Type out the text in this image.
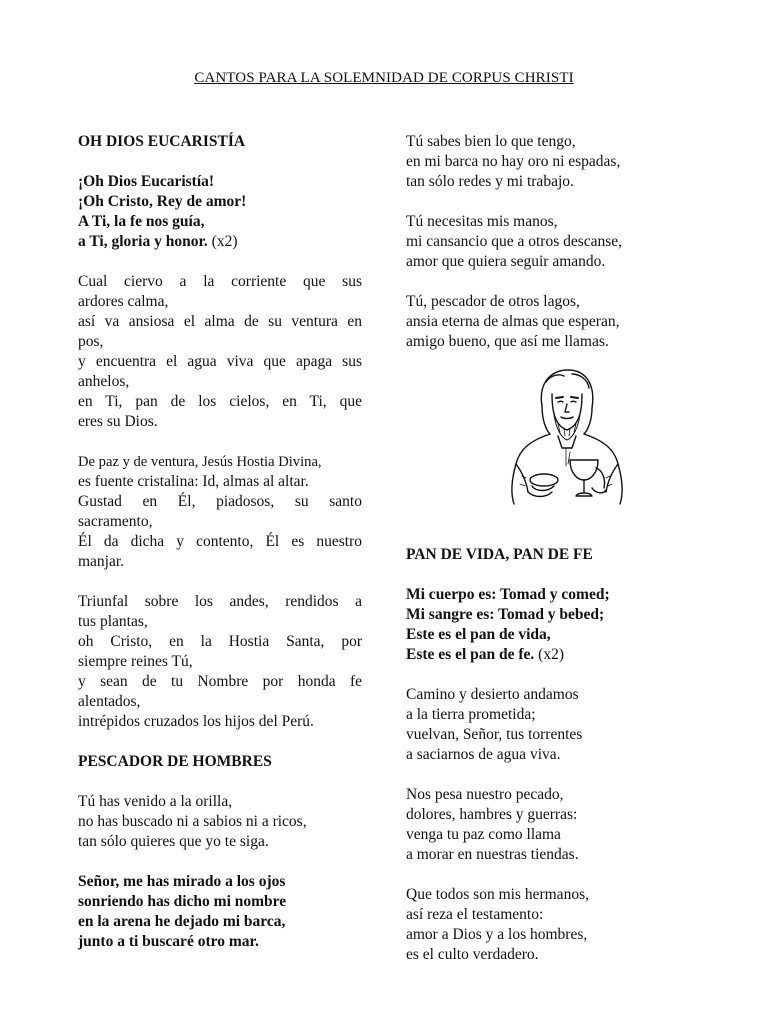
CANTOS PARA LA SOLEMNIDAD DE CORPUS CHRISTI
OH DIOS EUCARISTÍA
¡Oh Dios Eucaristía!
¡Oh Cristo, Rey de amor!
A Ti, la fe nos guía,
a Ti, gloria y honor. (x2)
Cual ciervo a la corriente que sus
ardores calma,
así va ansiosa el alma de su ventura en
pos,
y encuentra el agua viva que apaga sus
anhelos,
en Ti, pan de los cielos, en Ti, que
eres su Dios.
De paz y de ventura, Jesús Hostia Divina,
es fuente cristalina: Id, almas al altar.
Gustad en Él, piadosos, su santo
sacramento,
Él da dicha y contento, Él es nuestro
manjar.
Triunfal sobre los andes, rendidos a
tus plantas,
oh Cristo, en la Hostia Santa, por
siempre reines Tú,
y sean de tu Nombre por honda fe
alentados,
intrépidos cruzados los hijos del Perú.
PESCADOR DE HOMBRES
Tú has venido a la orilla,
no has buscado ni a sabios ni a ricos,
tan sólo quieres que yo te siga.
Señor, me has mirado a los ojos
sonriendo has dicho mi nombre
en la arena he dejado mi barca,
junto a ti buscaré otro mar.
Tú sabes bien lo que tengo,
en mi barca no hay oro ni espadas,
tan sólo redes y mi trabajo.
Tú necesitas mis manos,
mi cansancio que a otros descanse,
amor que quiera seguir amando.
Tú, pescador de otros lagos,
ansia eterna de almas que esperan,
amigo bueno, que así me llamas.
PAN DE VIDA, PAN DE FE
Mi cuerpo es: Tomad y comed;
Mi sangre es: Tomad y bebed;
Este es el pan de vida,
Este es el pan de fe. (x2)
Camino y desierto andamos
a la tierra prometida;
vuelvan, Señor, tus torrentes
a saciarnos de agua viva.
Nos pesa nuestro pecado,
dolores, hambres y guerras:
venga tu paz como llama
a morar en nuestras tiendas.
Que todos son mis hermanos,
así reza el testamento:
amor a Dios y a los hombres,
es el culto verdadero.
